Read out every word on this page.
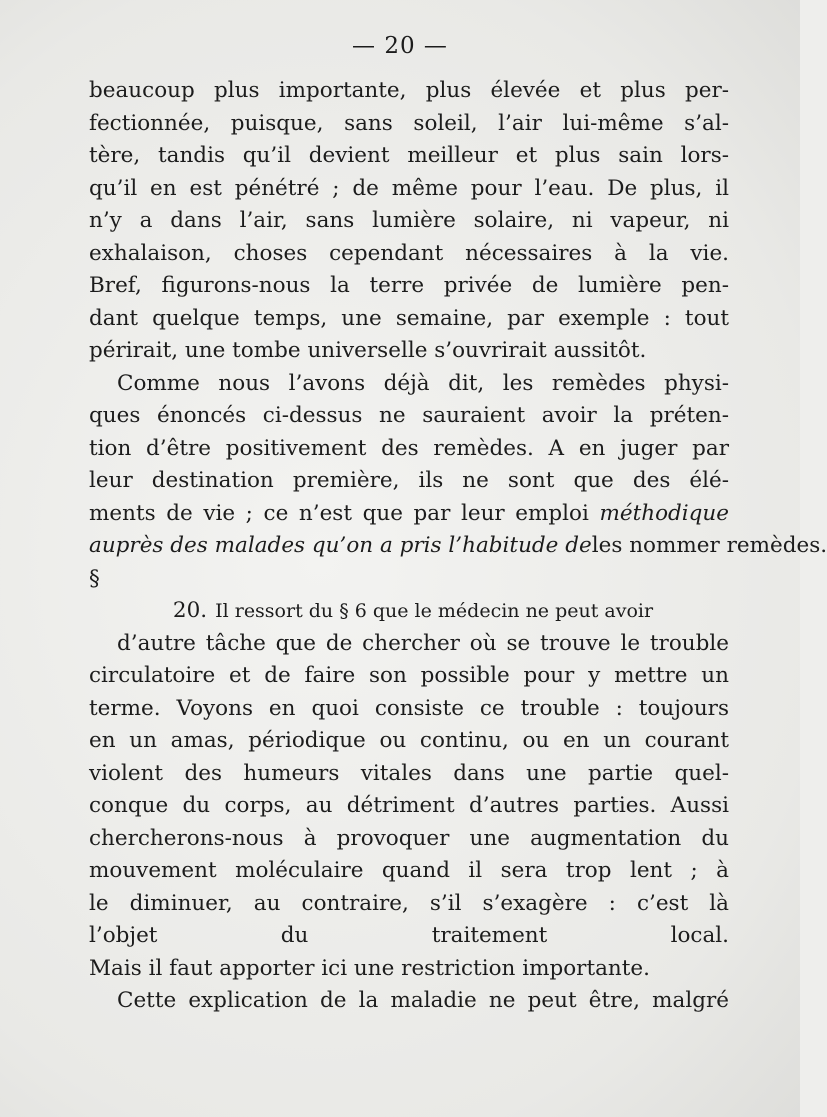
— 20 —
beaucoup plus importante, plus élevée et plus per-
fectionnée, puisque, sans soleil, l’air lui-même s’al-
tère, tandis qu’il devient meilleur et plus sain lors-
qu’il en est pénétré ; de même pour l’eau. De plus, il
n’y a dans l’air, sans lumière solaire, ni vapeur, ni
exhalaison, choses cependant nécessaires à la vie.
Bref, figurons-nous la terre privée de lumière pen-
dant quelque temps, une semaine, par exemple : tout
périrait, une tombe universelle s’ouvrirait aussitôt.
Comme nous l’avons déjà dit, les remèdes physi-
ques énoncés ci-dessus ne sauraient avoir la préten-
tion d’être positivement des remèdes. A en juger par
leur destination première, ils ne sont que des élé-
ments de vie ; ce n’est que par leur emploi méthodique
auprès des malades qu’on a pris l’habitude deles nommer remèdes.
§
20. Il ressort du § 6 que le médecin ne peut avoir
d’autre tâche que de chercher où se trouve le trouble
circulatoire et de faire son possible pour y mettre un
terme. Voyons en quoi consiste ce trouble : toujours
en un amas, périodique ou continu, ou en un courant
violent des humeurs vitales dans une partie quel-
conque du corps, au détriment d’autres parties. Aussi
chercherons-nous à provoquer une augmentation du
mouvement moléculaire quand il sera trop lent ; à
le diminuer, au contraire, s’il s’exagère : c’est là
l’objet du traitement local.
Mais il faut apporter ici une restriction importante.
Cette explication de la maladie ne peut être, malgré
